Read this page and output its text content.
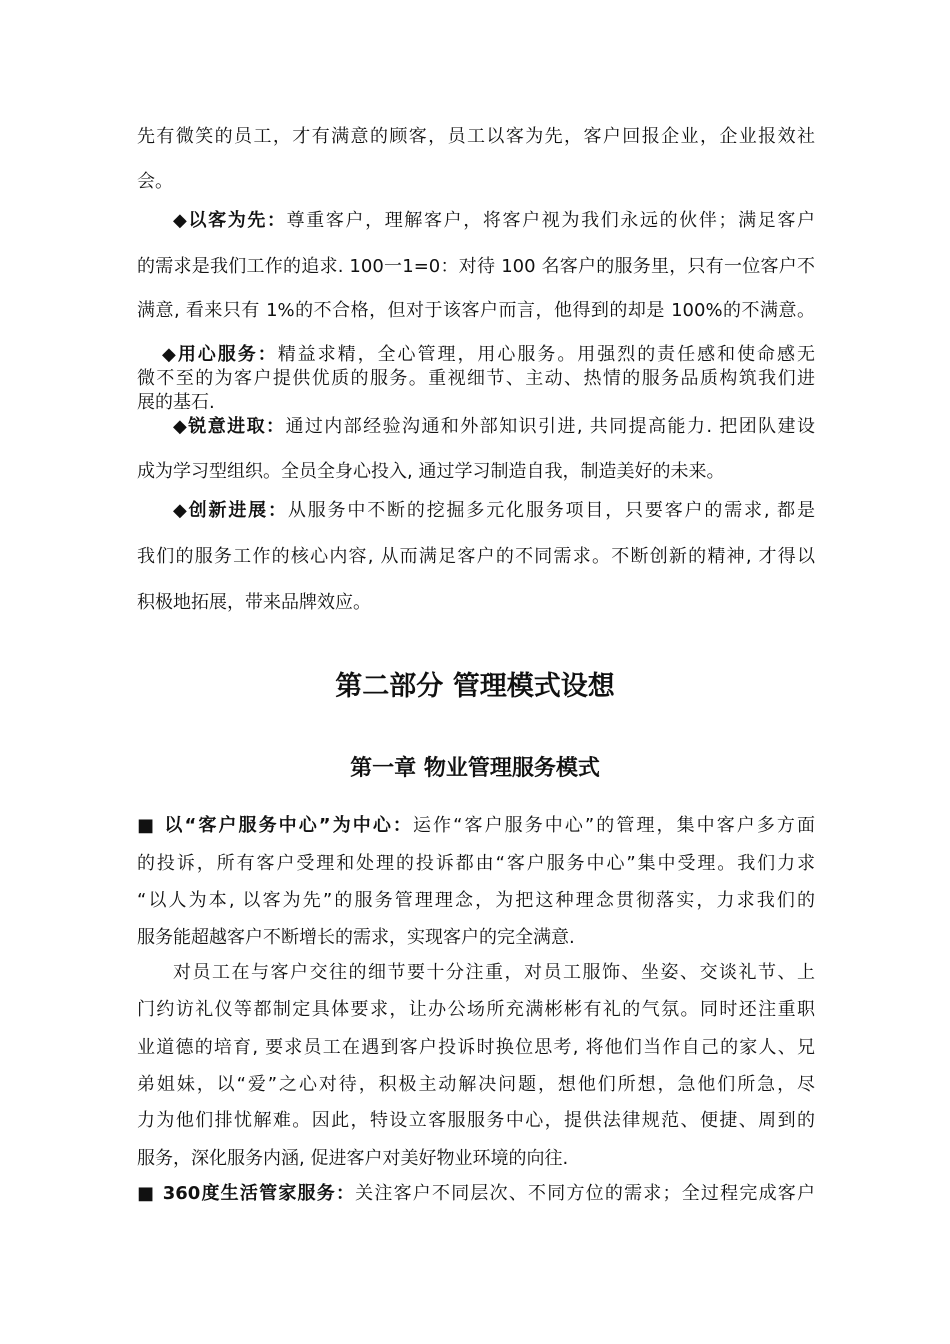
先有微笑的员工，才有满意的顾客，员工以客为先，客户回报企业，企业报效社
会。
◆以客为先：尊重客户，理解客户，将客户视为我们永远的伙伴；满足客户
的需求是我们工作的追求. 100一1=0：对待 100 名客户的服务里，只有一位客户不
满意, 看来只有 1%的不合格，但对于该客户而言，他得到的却是 100%的不满意。
◆用心服务：精益求精，全心管理，用心服务。用强烈的责任感和使命感无
微不至的为客户提供优质的服务。重视细节、主动、热情的服务品质构筑我们进
展的基石.
◆锐意进取：通过内部经验沟通和外部知识引进, 共同提高能力. 把团队建设
成为学习型组织。全员全身心投入, 通过学习制造自我，制造美好的未来。
◆创新进展：从服务中不断的挖掘多元化服务项目，只要客户的需求, 都是
我们的服务工作的核心内容, 从而满足客户的不同需求。不断创新的精神, 才得以
积极地拓展，带来品牌效应。
第二部分 管理模式设想
第一章 物业管理服务模式
■ 以“客户服务中心”为中心：运作“客户服务中心”的管理，集中客户多方面
的投诉，所有客户受理和处理的投诉都由“客户服务中心”集中受理。我们力求
“以人为本, 以客为先”的服务管理理念，为把这种理念贯彻落实，力求我们的
服务能超越客户不断增长的需求，实现客户的完全满意.
对员工在与客户交往的细节要十分注重，对员工服饰、坐姿、交谈礼节、上
门约访礼仪等都制定具体要求，让办公场所充满彬彬有礼的气氛。同时还注重职
业道德的培育, 要求员工在遇到客户投诉时换位思考, 将他们当作自己的家人、兄
弟姐妹，以“爱”之心对待，积极主动解决问题，想他们所想，急他们所急，尽
力为他们排忧解难。因此，特设立客服服务中心，提供法律规范、便捷、周到的
服务，深化服务内涵, 促进客户对美好物业环境的向往.
■ 360度生活管家服务：关注客户不同层次、不同方位的需求；全过程完成客户
